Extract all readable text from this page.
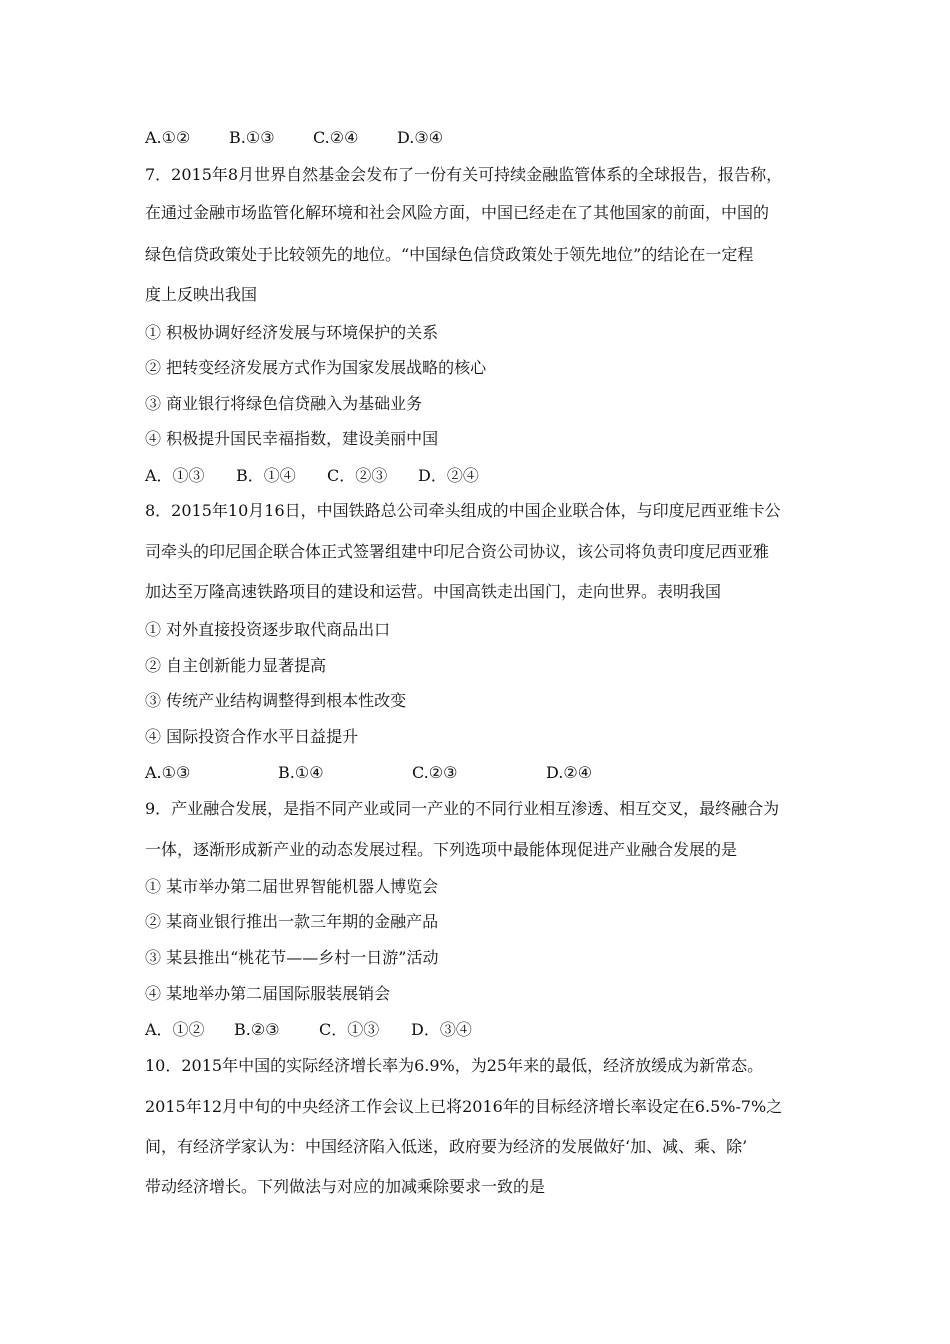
A.①② B.①③ C.②④ D.③④
7．2015年8月世界自然基金会发布了一份有关可持续金融监管体系的全球报告，报告称，
在通过金融市场监管化解环境和社会风险方面，中国已经走在了其他国家的前面，中国的
绿色信贷政策处于比较领先的地位。“中国绿色信贷政策处于领先地位”的结论在一定程
度上反映出我国
① 积极协调好经济发展与环境保护的关系
② 把转变经济发展方式作为国家发展战略的核心
③ 商业银行将绿色信贷融入为基础业务
④ 积极提升国民幸福指数，建设美丽中国
A．①③ B．①④ C．②③ D．②④
8．2015年10月16日，中国铁路总公司牵头组成的中国企业联合体，与印度尼西亚维卡公
司牵头的印尼国企联合体正式签署组建中印尼合资公司协议，该公司将负责印度尼西亚雅
加达至万隆高速铁路项目的建设和运营。中国高铁走出国门，走向世界。表明我国
① 对外直接投资逐步取代商品出口
② 自主创新能力显著提高
③ 传统产业结构调整得到根本性改变
④ 国际投资合作水平日益提升
A.①③	B.①④	C.②③	D.②④
9．产业融合发展，是指不同产业或同一产业的不同行业相互渗透、相互交叉，最终融合为
一体，逐渐形成新产业的动态发展过程。下列选项中最能体现促进产业融合发展的是
① 某市举办第二届世界智能机器人博览会
② 某商业银行推出一款三年期的金融产品
③ 某县推出“桃花节——乡村一日游”活动
④ 某地举办第二届国际服装展销会
A．①② B.②③ C．①③ D．③④
10．2015年中国的实际经济增长率为6.9%，为25年来的最低，经济放缓成为新常态。
2015年12月中旬的中央经济工作会议上已将2016年的目标经济增长率设定在6.5%-7%之
间，有经济学家认为：中国经济陷入低迷，政府要为经济的发展做好‘加、减、乘、除’
带动经济增长。下列做法与对应的加减乘除要求一致的是
